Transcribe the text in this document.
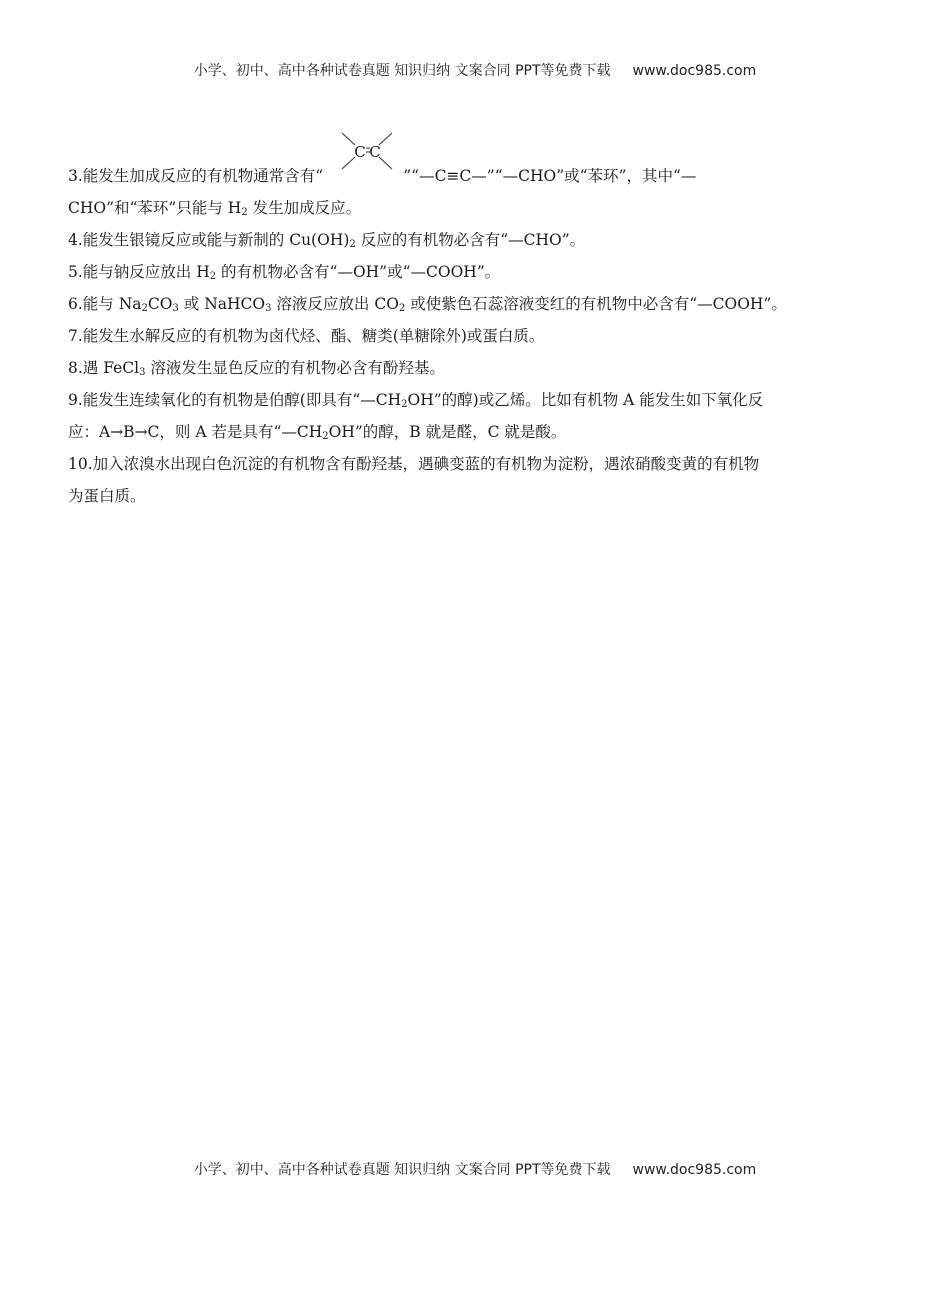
小学、初中、高中各种试卷真题 知识归纳 文案合同 PPT等免费下载 www.doc985.com
3.能发生加成反应的有机物通常含有“
C C
”“—C≡C—”“—CHO”或“苯环”，其中“—
CHO”和“苯环”只能与 $H_2$ 发生加成反应。
4.能发生银镜反应或能与新制的 $Cu(OH)_2$ 反应的有机物必含有“—CHO”。
5.能与钠反应放出 $H_2$ 的有机物必含有“—OH”或“—COOH”。
6.能与 $Na_2CO_3$ 或 NaHCO$_3$ 溶液反应放出 $CO_2$ 或使紫色石蕊溶液变红的有机物中必含有“—COOH”。
7.能发生水解反应的有机物为卤代烃、酯、糖类(单糖除外)或蛋白质。
8.遇 FeCl$_3$ 溶液发生显色反应的有机物必含有酚羟基。
9.能发生连续氧化的有机物是伯醇(即具有“$—CH_2OH$”的醇)或乙烯。比如有机物 A 能发生如下氧化反
应：A→B→C，则 A 若是具有“$—CH_2OH$”的醇，B 就是醛，C 就是酸。
10.加入浓溴水出现白色沉淀的有机物含有酚羟基，遇碘变蓝的有机物为淀粉，遇浓硝酸变黄的有机物
为蛋白质。
小学、初中、高中各种试卷真题 知识归纳 文案合同 PPT等免费下载 www.doc985.com
